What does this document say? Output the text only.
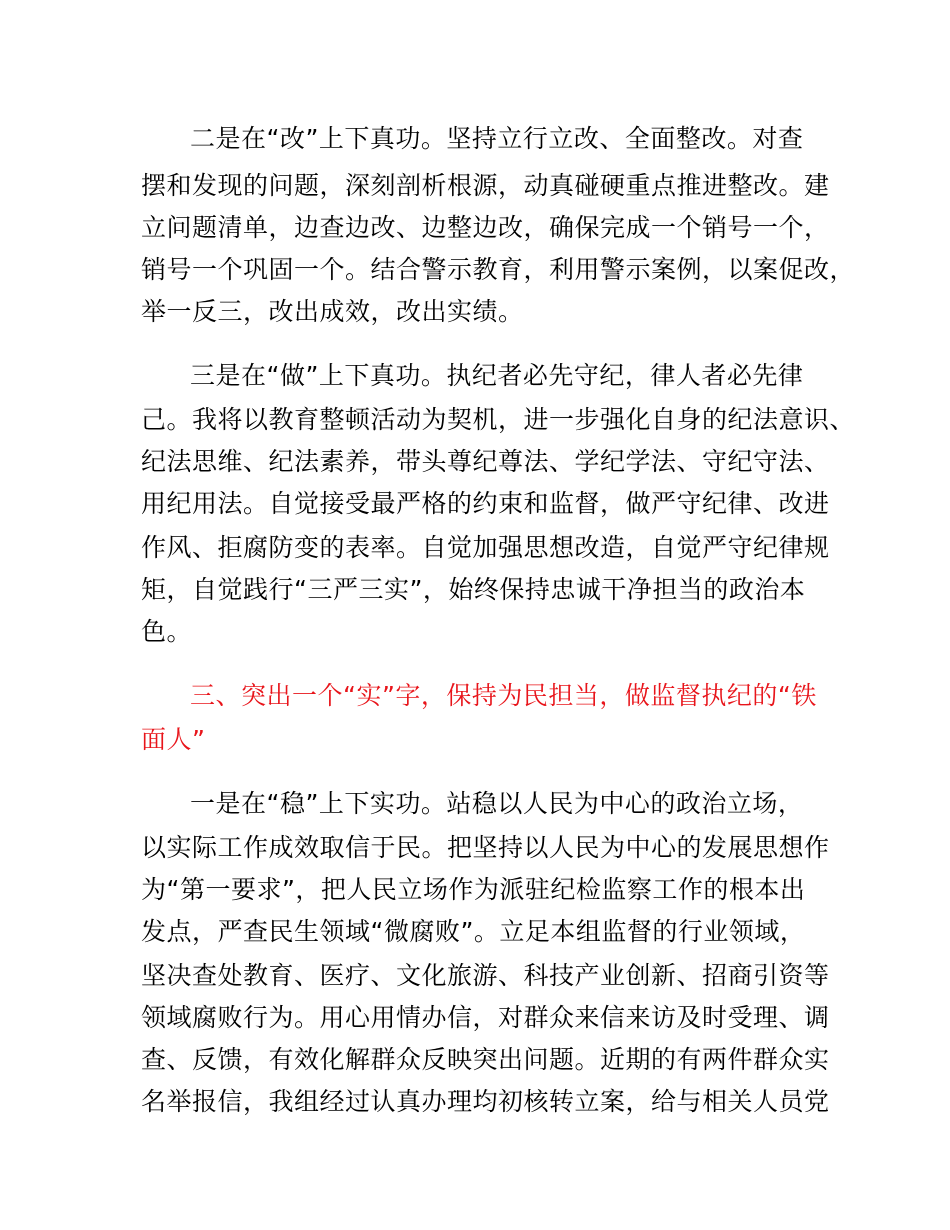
二是在“改”上下真功。坚持立行立改、全面整改。对查
摆和发现的问题，深刻剖析根源，动真碰硬重点推进整改。建
立问题清单，边查边改、边整边改，确保完成一个销号一个，
销号一个巩固一个。结合警示教育，利用警示案例，以案促改，
举一反三，改出成效，改出实绩。
三是在“做”上下真功。执纪者必先守纪，律人者必先律
己。我将以教育整顿活动为契机，进一步强化自身的纪法意识、
纪法思维、纪法素养，带头尊纪尊法、学纪学法、守纪守法、
用纪用法。自觉接受最严格的约束和监督，做严守纪律、改进
作风、拒腐防变的表率。自觉加强思想改造，自觉严守纪律规
矩，自觉践行“三严三实”，始终保持忠诚干净担当的政治本
色。
三、突出一个“实”字，保持为民担当，做监督执纪的“铁
面人”
一是在“稳”上下实功。站稳以人民为中心的政治立场，
以实际工作成效取信于民。把坚持以人民为中心的发展思想作
为“第一要求”，把人民立场作为派驻纪检监察工作的根本出
发点，严查民生领域“微腐败”。立足本组监督的行业领域，
坚决查处教育、医疗、文化旅游、科技产业创新、招商引资等
领域腐败行为。用心用情办信，对群众来信来访及时受理、调
查、反馈，有效化解群众反映突出问题。近期的有两件群众实
名举报信，我组经过认真办理均初核转立案，给与相关人员党
